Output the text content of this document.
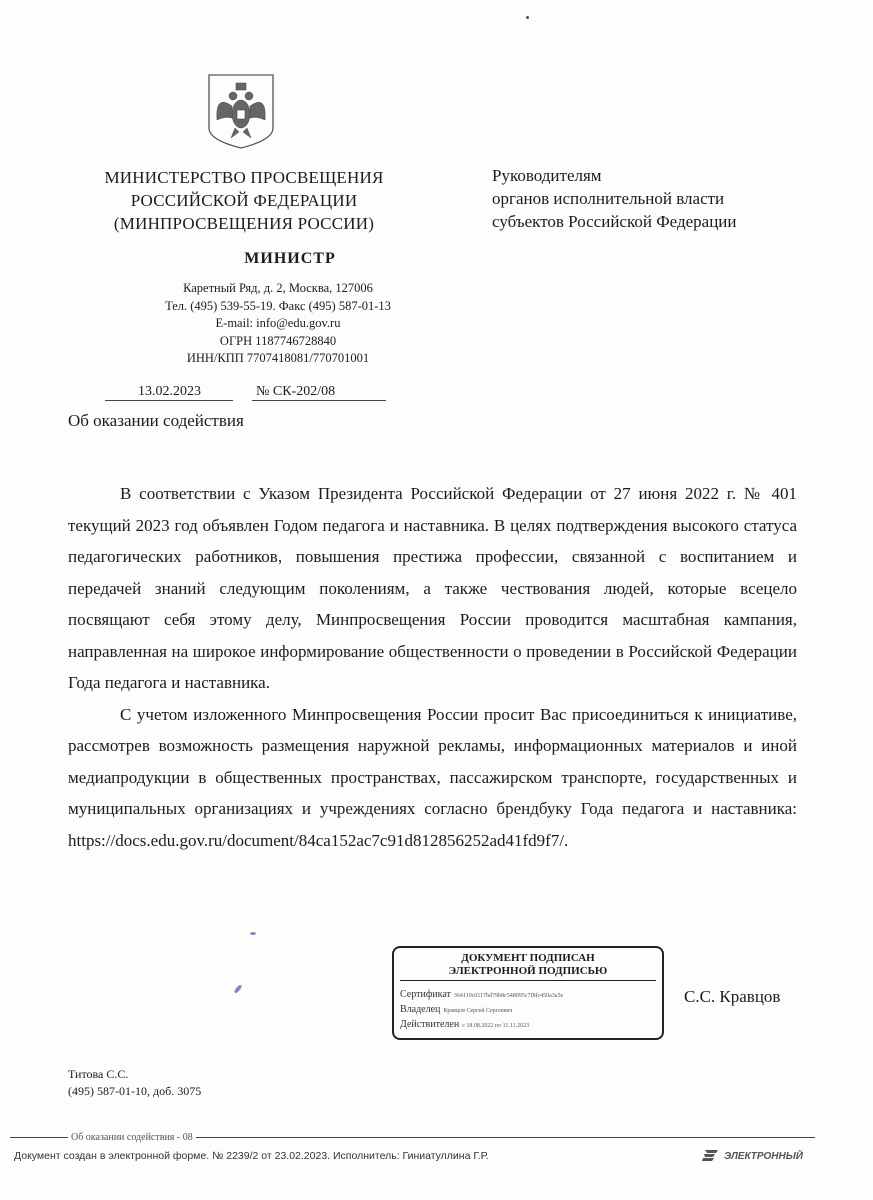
МИНИСТЕРСТВО ПРОСВЕЩЕНИЯ
РОССИЙСКОЙ ФЕДЕРАЦИИ
(МИНПРОСВЕЩЕНИЯ РОССИИ)
МИНИСТР
Каретный Ряд, д. 2, Москва, 127006
Тел. (495) 539-55-19. Факс (495) 587-01-13
E-mail: info@edu.gov.ru
ОГРН 1187746728840
ИНН/КПП 7707418081/770701001
13.02.2023	№ СК-202/08
Об оказании содействия
Руководителям
органов исполнительной власти
субъектов Российской Федерации

В соответствии с Указом Президента Российской Федерации от 27 июня 2022 г. № 401 текущий 2023 год объявлен Годом педагога и наставника. В целях подтверждения высокого статуса педагогических работников, повышения престижа профессии, связанной с воспитанием и передачей знаний следующим поколениям, а также чествования людей, которые всецело посвящают себя этому делу, Минпросвещения России проводится масштабная кампания, направленная на широкое информирование общественности о проведении в Российской Федерации Года педагога и наставника.

С учетом изложенного Минпросвещения России просит Вас присоединиться к инициативе, рассмотрев возможность размещения наружной рекламы, информационных материалов и иной медиапродукции в общественных пространствах, пассажирском транспорте, государственных и муниципальных организациях и учреждениях согласно брендбуку Года педагога и наставника: https://docs.edu.gov.ru/document/84ca152ac7c91d812856252ad41fd9f7/.

ДОКУМЕНТ ПОДПИСАН
ЭЛЕКТРОННОЙ ПОДПИСЬЮ
Сертификат 364110c0117bd79b8c548095c7f8fc450a3a5e
Владелец Кравцов Сергей Сергеевич
Действителен с 18.08.2022 по 11.11.2023
С.С. Кравцов
Титова С.С.
(495) 587-01-10, доб. 3075
Об оказании содействия - 08
Документ создан в электронной форме. № 2239/2 от 23.02.2023. Исполнитель: Гиниатуллина Г.Р.	ЭЛЕКТРОННЫЙ
